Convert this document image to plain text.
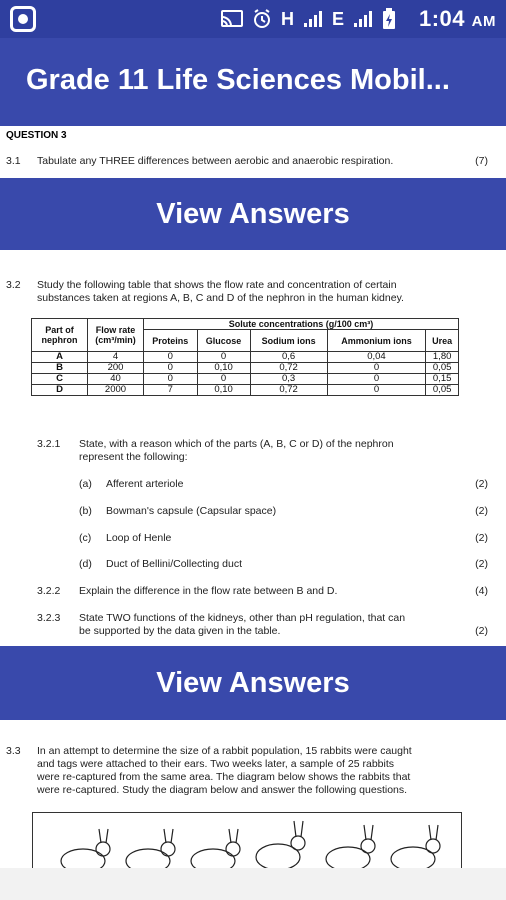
H E	1:04 AM
Grade 11 Life Sciences Mobil...
QUESTION 3
3.1 Tabulate any THREE differences between aerobic and anaerobic respiration.	(7)
View Answers
3.2 Study the following table that shows the flow rate and concentration of certain
substances taken at regions A, B, C and D of the nephron in the human kidney.
Part of nephron	Flow rate (cm³/min)	Solute concentrations (g/100 cm³)				
		Proteins	Glucose	Sodium ions	Ammonium ions	Urea
A	4	0	0	0,6	0,04	1,80
B	200	0	0,10	0,72	0	0,05
C	40	0	0	0,3	0	0,15
D	2000	7	0,10	0,72	0	0,05
3.2.1 State, with a reason which of the parts (A, B, C or D) of the nephron
represent the following:
(a) Afferent arteriole	(2)
(b) Bowman's capsule (Capsular space)	(2)
(c) Loop of Henle	(2)
(d) Duct of Bellini/Collecting duct	(2)
3.2.2 Explain the difference in the flow rate between B and D.	(4)
3.2.3 State TWO functions of the kidneys, other than pH regulation, that can
be supported by the data given in the table.	(2)
View Answers
3.3 In an attempt to determine the size of a rabbit population, 15 rabbits were caught
and tags were attached to their ears. Two weeks later, a sample of 25 rabbits
were re-captured from the same area. The diagram below shows the rabbits that
were re-captured. Study the diagram below and answer the following questions.
